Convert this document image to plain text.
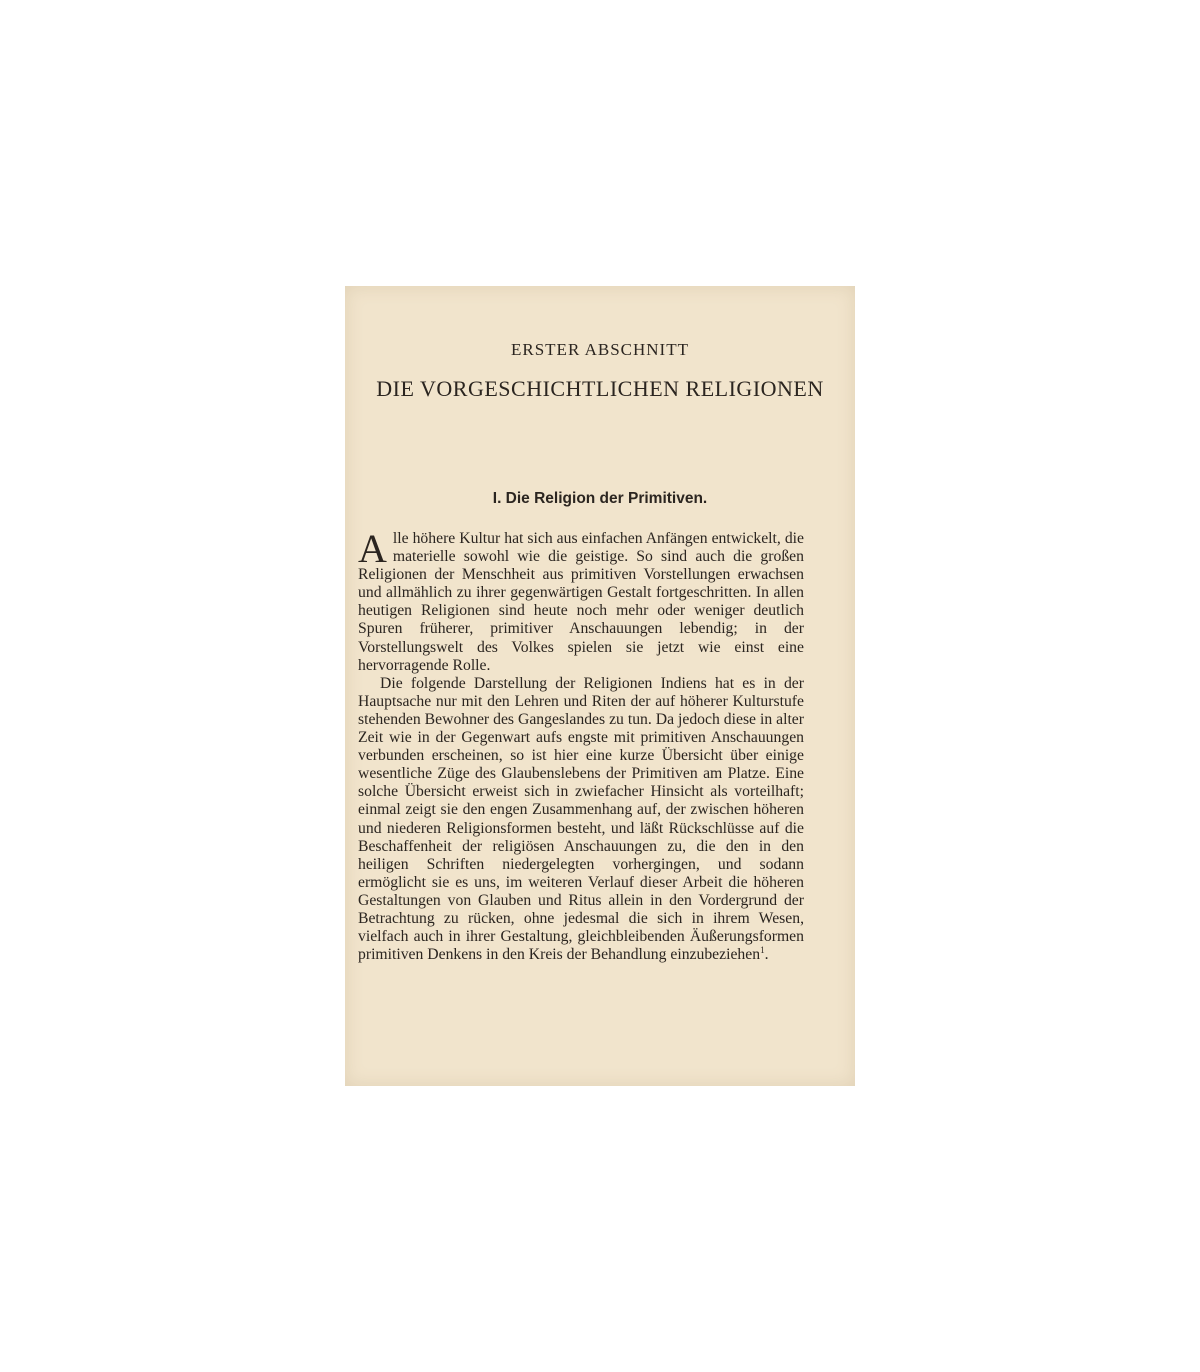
ERSTER ABSCHNITT

DIE VORGESCHICHTLICHEN RELIGIONEN
I. Die Religion der Primitiven.

Alle höhere Kultur hat sich aus einfachen Anfängen entwickelt, die materielle sowohl wie die geistige. So sind auch die großen Religionen der Menschheit aus primitiven Vorstellungen erwachsen und allmählich zu ihrer gegenwärtigen Gestalt fortgeschritten. In allen heutigen Religionen sind heute noch mehr oder weniger deutlich Spuren früherer, primitiver Anschauungen lebendig; in der Vorstellungswelt des Volkes spielen sie jetzt wie einst eine hervorragende Rolle.

Die folgende Darstellung der Religionen Indiens hat es in der Hauptsache nur mit den Lehren und Riten der auf höherer Kulturstufe stehenden Bewohner des Gangeslandes zu tun. Da jedoch diese in alter Zeit wie in der Gegenwart aufs engste mit primitiven Anschauungen verbunden erscheinen, so ist hier eine kurze Übersicht über einige wesentliche Züge des Glaubenslebens der Primitiven am Platze. Eine solche Übersicht erweist sich in zwiefacher Hinsicht als vorteilhaft; einmal zeigt sie den engen Zusammenhang auf, der zwischen höheren und niederen Religionsformen besteht, und läßt Rückschlüsse auf die Beschaffenheit der religiösen Anschauungen zu, die den in den heiligen Schriften niedergelegten vorhergingen, und sodann ermöglicht sie es uns, im weiteren Verlauf dieser Arbeit die höheren Gestaltungen von Glauben und Ritus allein in den Vordergrund der Betrachtung zu rücken, ohne jedesmal die sich in ihrem Wesen, vielfach auch in ihrer Gestaltung, gleichbleibenden Äußerungsformen primitiven Denkens in den Kreis der Behandlung einzubeziehen$^1$.
